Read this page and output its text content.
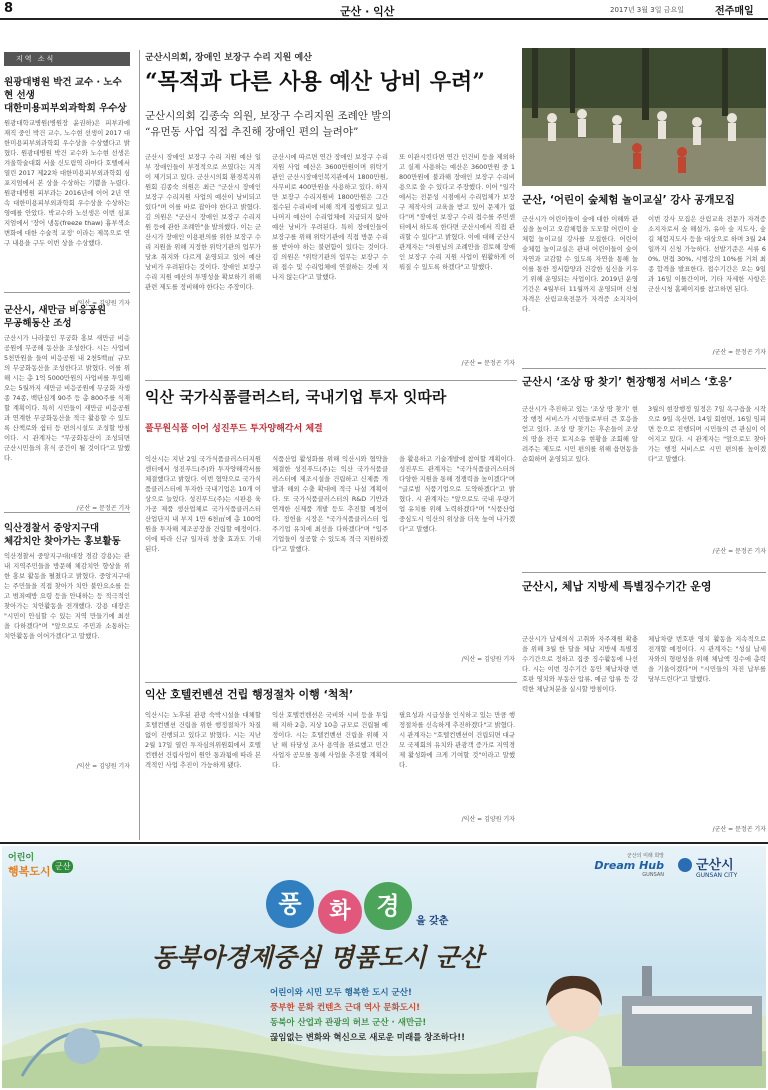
8	군산 · 익산	2017년 3월 3일 금요일	전주매일
지역 소식
원광대병원 박건 교수 · 노수현 선생
대한미용피부외과학회 우수상
원광대학교병원(병원장 윤권하)은 피부과에 재직 중인 박건 교수, 노수현 선생이 2017 대한미용피부외과학회 우수상을 수상했다고 밝혔다. 원광대병원 박건 교수와 노수현 선생은 겨울학술대회 서울 신도림역 라마다 호텔에서 열린 2017 제22차 대한미용피부외과학회 심포지엄에서 본 상을 수상하는 기쁨을 누렸다. 원광대병원 피부과는 2016년에 이어 2년 연속 대한미용피부외과학회 우수상을 수상하는 영예를 안았다. 박교수와 노선생은 이번 심포지엄에서 '장어 냉동(freeze thaw) 흉부색소 변화에 대한 수술적 교정' 이라는 제목으로 연구 내용을 구두 이번 상을 수상했다.
/익산 = 김양원 기자
군산시, 새만금 비응공원
무공해동산 조성
군산시가 나라꽃인 무궁화 홍보 새만금 비응공원에 무공해 동산을 조성한다. 시는 사업비 5천만원을 들여 비응공원 내 2천5백㎡ 규모의 무궁화동산을 조성한다고 밝혔다. 이를 위해 시는 총 1억 5000만원의 사업비를 투입해 오는 5월까지 새만금 비응공원에 무궁화 자생종 74종, 백단심계 90주 등 총 800주를 식재할 계획이다. 특히 시민들이 새만금 비응공원과 연계한 무궁화동산을 적극 활용할 수 있도록 산책로와 쉼터 등 편의시설도 조성할 방침이다. 시 관계자는 "무궁화동산이 조성되면 군산시민들의 휴식 공간이 될 것이다"고 말했다.
/군산 = 문정곤 기자
익산경찰서 중앙지구대
체감치안 찾아가는 홍보활동
익산경찰서 중앙지구대(대장 경감 강용)는 관내 지역주민들을 방문해 체감치안 향상을 위한 홍보 활동을 펼쳤다고 밝혔다. 중앙지구대는 주민들을 직접 찾아가 치안 불안요소를 듣고 범죄예방 요령 등을 안내하는 등 적극적인 찾아가는 치안활동을 전개했다. 강용 대장은 "시민이 안심할 수 있는 지역 만들기에 최선을 다하겠다"며 "앞으로도 주민과 소통하는 치안활동을 이어가겠다"고 말했다.
/익산 = 김양원 기자
군산시의회, 장애인 보장구 수리 지원 예산
“목적과 다른 사용 예산 낭비 우려”
군산시의회 김종숙 의원, 보장구 수리지원 조례안 발의
“유먼동 사업 직접 추진해 장애인 편의 늘려야”
군산시 장애인 보장구 수리 지원 예산 일부 장애인들이 부정적으로 쓰였다는 지적이 제기되고 있다. 군산시의회 환경복지위원회 김종숙 의원은 최근 "군산시 장애인 보장구 수리지원 사업의 예산이 낭비되고 있다"며 이를 바로 잡아야 한다고 밝혔다. 김 의원은 "군산시 장애인 보장구 수리지원 등에 관한 조례안"을 발의했다. 이는 군산시가 장애인 이용편의를 위한 보장구 수리 지원을 위해 지정한 위탁기관의 업무가 당초 취지와 다르게 운영되고 있어 예산 낭비가 우려된다는 것이다. 장애인 보장구 수리 지원 예산의 투명성을 확보하기 위해 관련 제도를 정비해야 한다는 주장이다.
군산시에 따르면 연간 장애인 보장구 수리 지원 사업 예산은 3600만원이며 위탁기관인 군산시장애인복지관에서 1800만원, 사무비로 400만원을 사용하고 있다. 하지만 보장구 수리지원비 1800만원은 그간 접수된 수리비에 비해 적게 집행되고 있고 나머지 예산이 수리업체에 지급되지 않아 예산 낭비가 우려된다. 특히 장애인들이 보장구를 위해 위탁기관에 직접 방문 수리를 받아야 하는 불편함이 있다는 것이다. 김 의원은 "위탁기관의 업무는 보장구 수리 접수 및 수리업체에 연결하는 것에 지나지 않는다"고 말했다.
또 이관시킨다면 연간 인건비 등을 제외하고 실제 사용하는 예산은 3600만원 중 1800만원에 불과해 장애인 보장구 수리비용으로 쓸 수 있다고 주장했다. 이어 "일각에서는 전문성 시점에서 수리업체가 보장구 제작사의 교육을 받고 있어 문제가 없다"며 "장애인 보장구 수리 접수를 주민센터에서 하도록 한다면 군산시에서 직접 관리할 수 있다"고 밝혔다. 이에 대해 군산시 관계자는 "의원님의 조례안을 검토해 장애인 보장구 수리 지원 사업이 원활하게 이뤄질 수 있도록 하겠다"고 말했다.
/군산 = 문정곤 기자
군산, ‘어린이 숲체험 놀이교실’ 강사 공개모집
군산시가 어린이들이 숲에 대한 이해와 관심을 높이고 오감체험을 도모할 어린이 숲체험 놀이교실 강사를 모집한다. 어린이 숲체험 놀이교실은 관내 어린이들이 숲이 자연과 교감할 수 있도록 자연을 통해 놀이를 통한 정서함양과 건강한 심신을 키우기 위해 운영되는 사업이다. 2019년 운영기간은 4월부터 11월까지 운영되며 신청 자격은 산림교육전문가 자격증 소지자이다.
이번 강사 모집은 산림교육 전문가 자격증 소지자로서 숲 해설가, 유아 숲 지도사, 숲길 체험지도사 등을 대상으로 하며 3월 24일까지 신청 가능하다. 선발기준은 서류 60%, 면접 30%, 시범강의 10%를 거쳐 최종 합격을 발표한다. 접수기간은 오는 9일과 16일 이틀간이며, 기타 자세한 사항은 군산시청 홈페이지를 참고하면 된다.
/군산 = 문정곤 기자
익산 국가식품클러스터, 국내기업 투자 잇따라
풀무원식품 이어 성진푸드 투자양해각서 체결
익산시는 지난 2일 국가식품클러스터지원센터에서 성진푸드(주)와 투자양해각서를 체결했다고 밝혔다. 이번 협약으로 국가식품클러스터에 투자한 국내기업은 10개 이상으로 늘었다. 성진푸드(주)는 시판용 육가공 제품 생산업체로 국가식품클러스터 산업단지 내 부지 1만 6천㎡에 총 100억원을 투자해 제조공장을 건립할 예정이다. 이에 따라 신규 일자리 창출 효과도 기대된다.
식품산업 활성화를 위해 익산시와 협약을 체결한 성진푸드(주)는 익산 국가식품클러스터에 제조시설을 건립하고 신제품 개발과 해외 수출 확대에 적극 나설 계획이다. 또 국가식품클러스터의 R&D 기반과 연계한 신제품 개발 등도 추진할 예정이다. 정헌율 시장은 "국가식품클러스터 입주기업 유치에 최선을 다하겠다"며 "입주기업들이 성공할 수 있도록 적극 지원하겠다"고 말했다.
을 활용하고 기술개발에 참여할 계획이다. 성진푸드 관계자는 "국가식품클러스터의 다양한 지원을 통해 경쟁력을 높이겠다"며 "글로벌 식품기업으로 도약하겠다"고 밝혔다. 시 관계자는 "앞으로도 국내 우량기업 유치를 위해 노력하겠다"며 "식품산업 중심도시 익산의 위상을 더욱 높여 나가겠다"고 말했다.
/익산 = 김양원 기자
익산 호텔컨벤션 건립 행정절차 이행 ‘척척’
익산시는 노후된 관광 숙박시설을 대체할 호텔컨벤션 건립을 위한 행정절차가 차질없이 진행되고 있다고 밝혔다. 시는 지난 2월 17일 열린 투자심의위원회에서 호텔컨벤션 건립사업이 원안 통과됨에 따라 본격적인 사업 추진이 가능하게 됐다.
익산 호텔컨벤션은 국비와 시비 등을 투입해 지하 2층, 지상 10층 규모로 건립될 예정이다. 시는 호텔컨벤션 건립을 위해 지난 해 타당성 조사 용역을 완료했고 민간 사업자 공모를 통해 사업을 추진할 계획이다.
필요성과 시급성을 인식하고 있는 만큼 행정절차를 신속하게 추진하겠다"고 밝혔다. 시 관계자는 "호텔컨벤션이 건립되면 대규모 국제회의 유치와 관광객 증가로 지역경제 활성화에 크게 기여할 것"이라고 말했다.
/익산 = 김양원 기자
군산시 ‘조상 땅 찾기’ 현장행정 서비스 ‘호응’
군산시가 추진하고 있는 '조상 땅 찾기' 현장 행정 서비스가 시민들로부터 큰 호응을 얻고 있다. 조상 땅 찾기는 후손들이 조상의 땅을 전국 토지소유 현황을 조회해 알려주는 제도로 시민 편의를 위해 읍면동을 순회하며 운영되고 있다.
3월의 현장행정 일정은 7일 옥구읍을 시작으로 9일 옥산면, 14일 회현면, 16일 임피면 등으로 진행되며 시민들의 큰 관심이 이어지고 있다. 시 관계자는 "앞으로도 찾아가는 행정 서비스로 시민 편의를 높이겠다"고 말했다.
/군산 = 문정곤 기자
군산시, 체납 지방세 특별징수기간 운영
군산시가 납세의식 고취와 자주재원 확충을 위해 3월 한 달을 체납 지방세 특별징수기간으로 정하고 집중 징수활동에 나선다. 시는 이번 징수기간 동안 체납차량 번호판 영치와 부동산 압류, 예금 압류 등 강력한 체납처분을 실시할 방침이다.
체납차량 번호판 영치 활동을 지속적으로 전개할 예정이다. 시 관계자는 "성실 납세자와의 형평성을 위해 체납액 징수에 총력을 기울이겠다"며 "시민들의 자진 납부를 당부드린다"고 말했다.
/군산 = 문정곤 기자
어린이
행복도시 군산
군산의 미래 희망
Dream Hub
GUNSAN
군산시
GUNSAN CITY
풍	화	경
을 갖춘
동북아경제중심 명품도시 군산
어린이와 시민 모두 행복한 도시 군산!
풍부한 문화 컨텐츠 근대 역사 문화도시!
동북아 산업과 관광의 허브 군산 · 새만금!
끊임없는 변화와 혁신으로 새로운 미래를 창조하다!!
